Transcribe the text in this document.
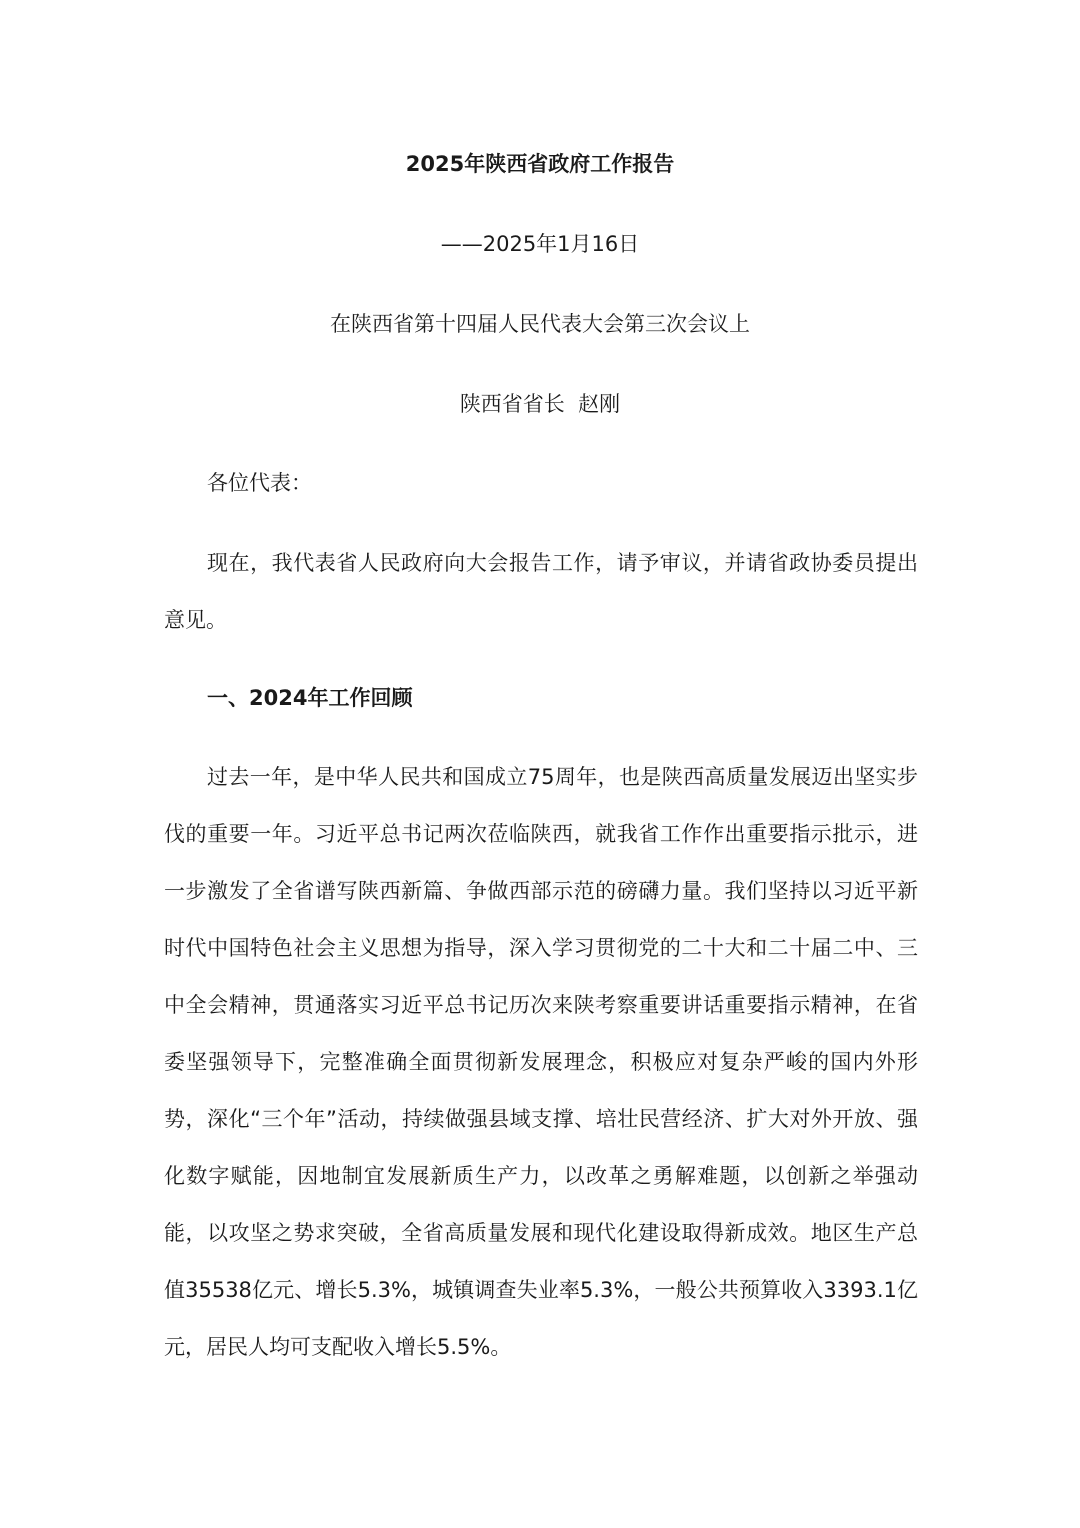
2025年陕西省政府工作报告
——2025年1月16日
在陕西省第十四届人民代表大会第三次会议上
陕西省省长  赵刚
各位代表：
现在，我代表省人民政府向大会报告工作，请予审议，并请省政协委员提出意见。
一、2024年工作回顾
过去一年，是中华人民共和国成立75周年，也是陕西高质量发展迈出坚实步伐的重要一年。习近平总书记两次莅临陕西，就我省工作作出重要指示批示，进一步激发了全省谱写陕西新篇、争做西部示范的磅礴力量。我们坚持以习近平新时代中国特色社会主义思想为指导，深入学习贯彻党的二十大和二十届二中、三中全会精神，贯通落实习近平总书记历次来陕考察重要讲话重要指示精神，在省委坚强领导下，完整准确全面贯彻新发展理念，积极应对复杂严峻的国内外形势，深化“三个年”活动，持续做强县域支撑、培壮民营经济、扩大对外开放、强化数字赋能，因地制宜发展新质生产力，以改革之勇解难题，以创新之举强动能，以攻坚之势求突破，全省高质量发展和现代化建设取得新成效。地区生产总值35538亿元、增长5.3%，城镇调查失业率5.3%，一般公共预算收入3393.1亿元，居民人均可支配收入增长5.5%。
